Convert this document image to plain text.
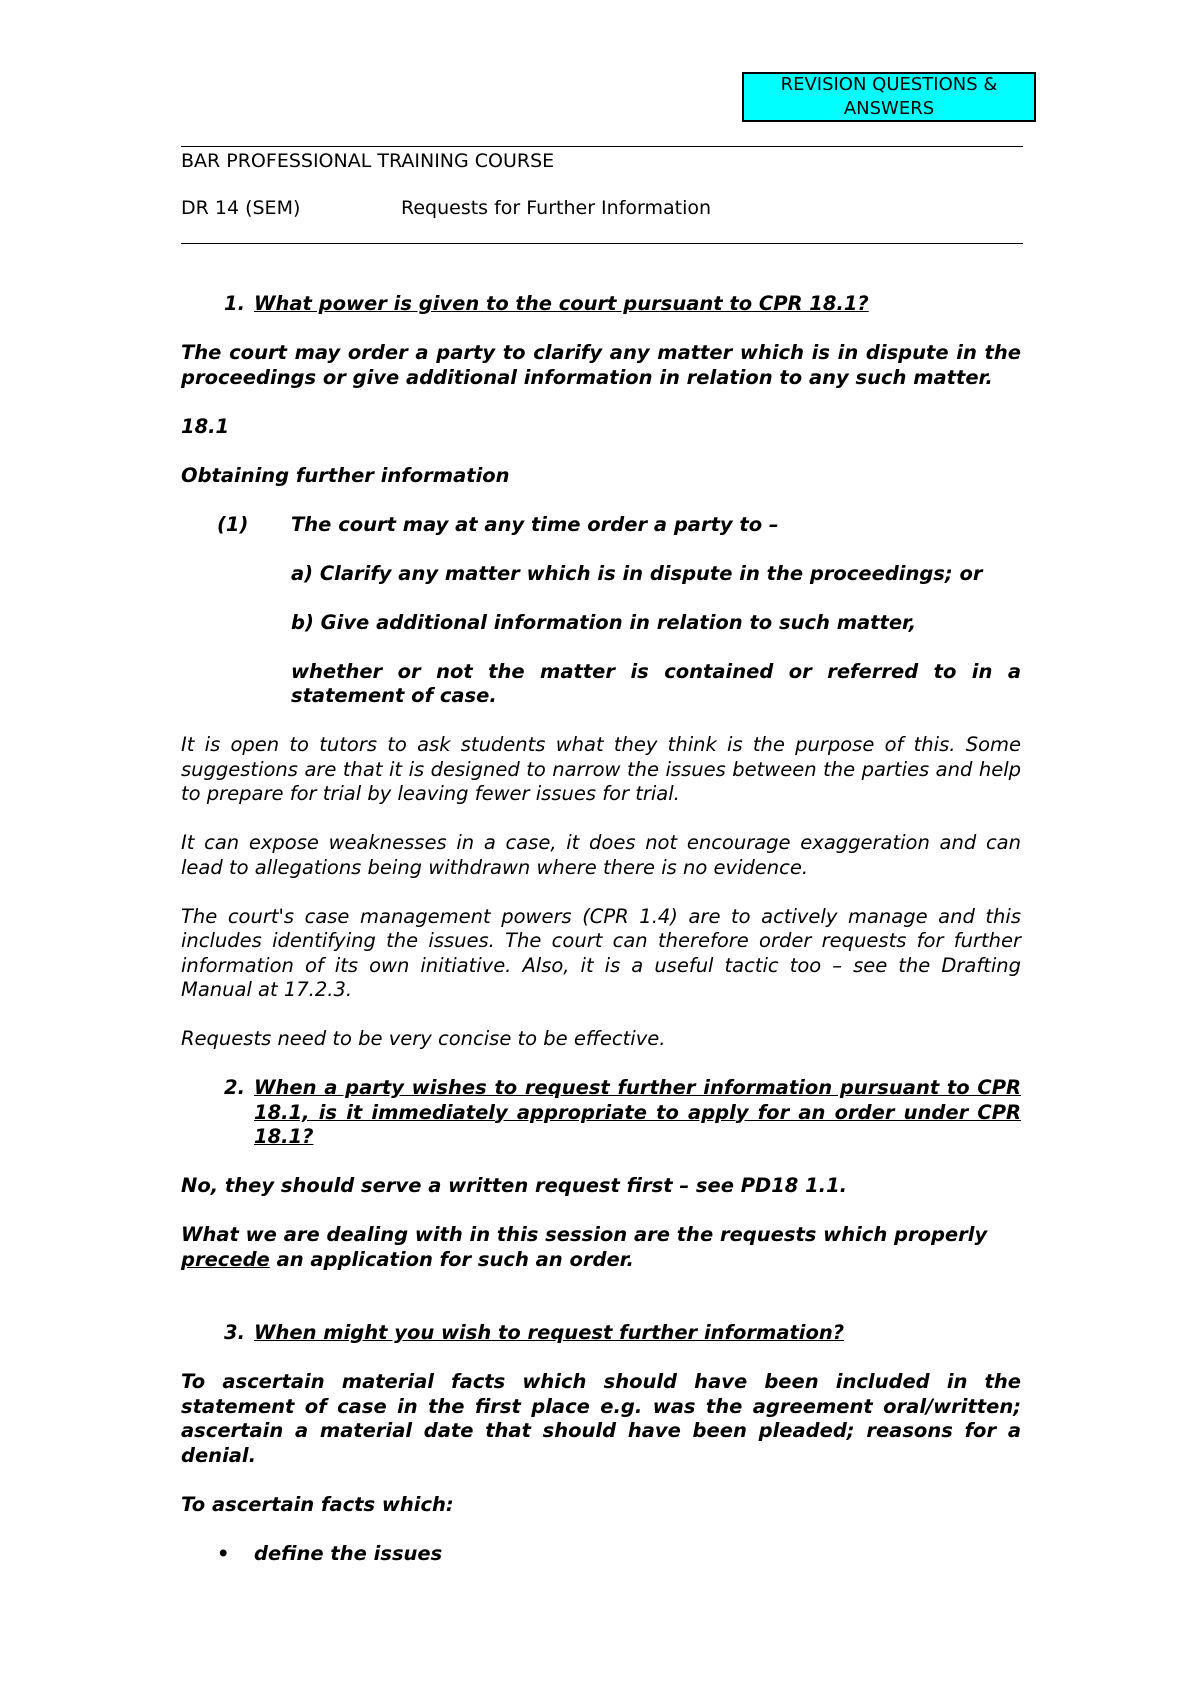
REVISION QUESTIONS & ANSWERS
BAR PROFESSIONAL TRAINING COURSE
DR 14 (SEM)	Requests for Further Information
1. What power is given to the court pursuant to CPR 18.1?

The court may order a party to clarify any matter which is in dispute in the proceedings or give additional information in relation to any such matter.

18.1

Obtaining further information

(1)	The court may at any time order a party to –
a) Clarify any matter which is in dispute in the proceedings; or
b) Give additional information in relation to such matter,
whether or not the matter is contained or referred to in a statement of case.

It is open to tutors to ask students what they think is the purpose of this. Some suggestions are that it is designed to narrow the issues between the parties and help to prepare for trial by leaving fewer issues for trial.

It can expose weaknesses in a case, it does not encourage exaggeration and can lead to allegations being withdrawn where there is no evidence.

The court's case management powers (CPR 1.4) are to actively manage and this includes identifying the issues. The court can therefore order requests for further information of its own initiative. Also, it is a useful tactic too – see the Drafting Manual at 17.2.3.

Requests need to be very concise to be effective.

2. When a party wishes to request further information pursuant to CPR 18.1, is it immediately appropriate to apply for an order under CPR 18.1?

No, they should serve a written request first – see PD18 1.1.

What we are dealing with in this session are the requests which properly precede an application for such an order.

3. When might you wish to request further information?

To ascertain material facts which should have been included in the statement of case in the first place e.g. was the agreement oral/written; ascertain a material date that should have been pleaded; reasons for a denial.

To ascertain facts which:

•	define the issues
